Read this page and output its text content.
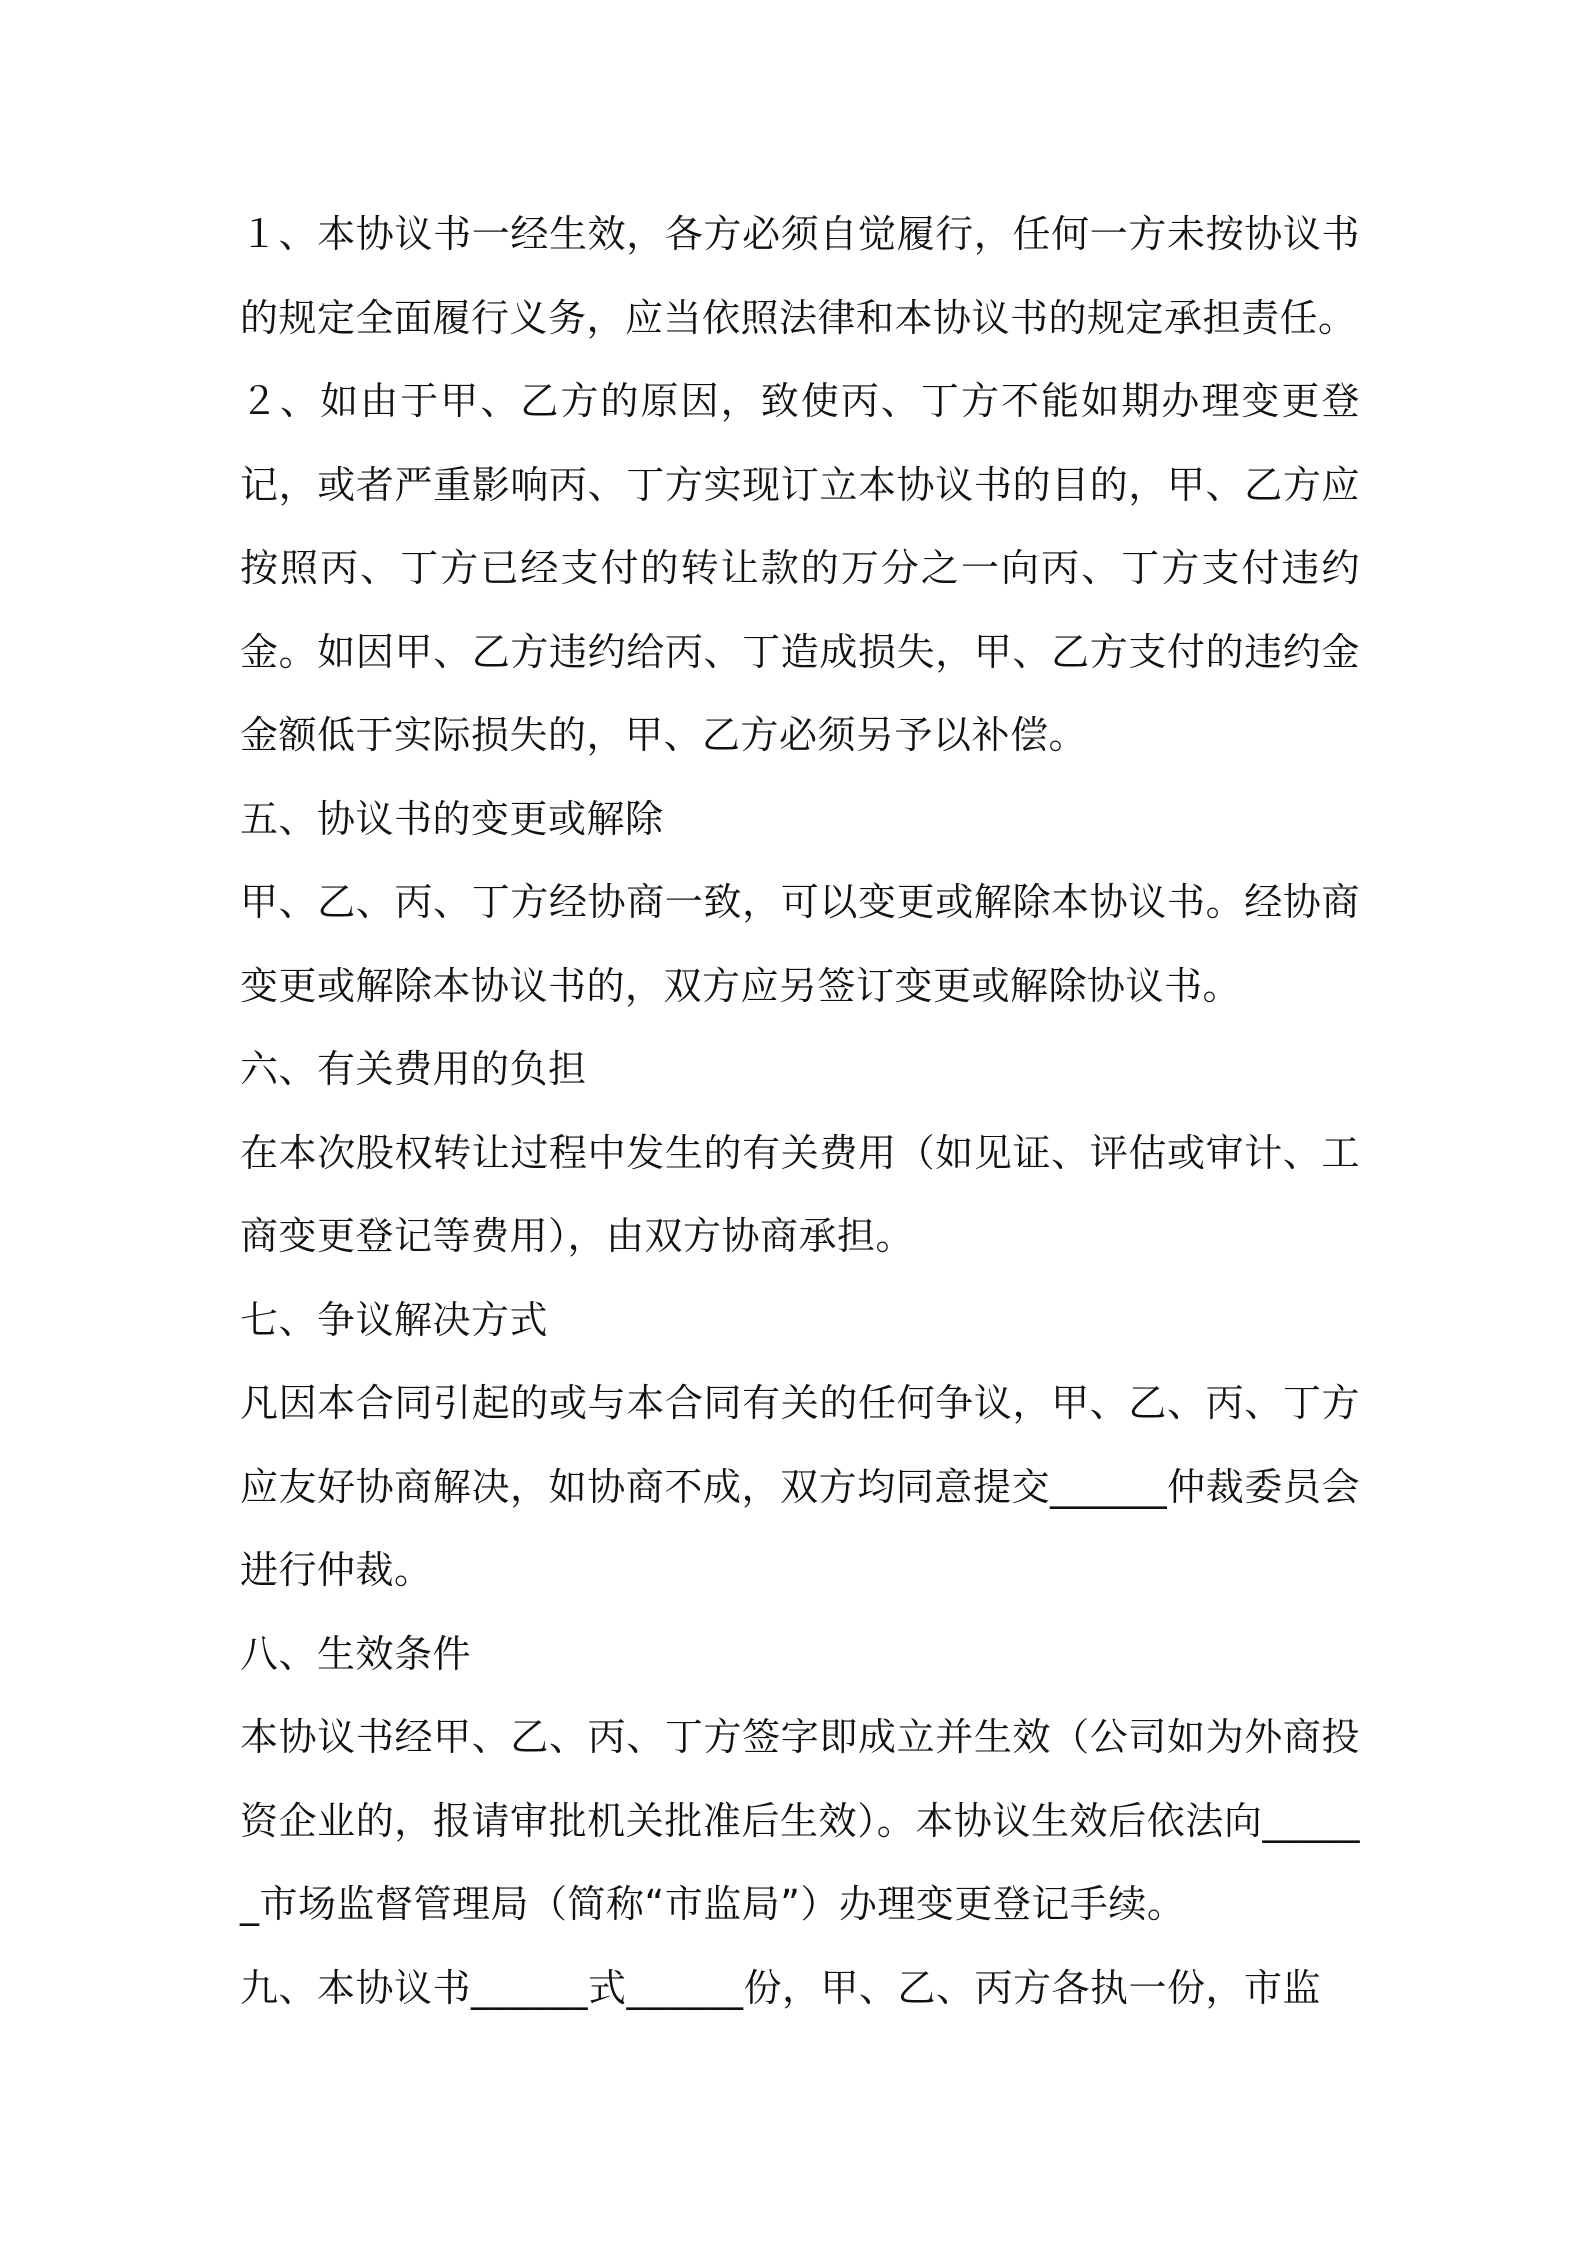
１、本协议书一经生效，各方必须自觉履行，任何一方未按协议书的规定全面履行义务，应当依照法律和本协议书的规定承担责任。

２、如由于甲、乙方的原因，致使丙、丁方不能如期办理变更登记，或者严重影响丙、丁方实现订立本协议书的目的，甲、乙方应按照丙、丁方已经支付的转让款的万分之一向丙、丁方支付违约金。如因甲、乙方违约给丙、丁造成损失，甲、乙方支付的违约金金额低于实际损失的，甲、乙方必须另予以补偿。

五、协议书的变更或解除

甲、乙、丙、丁方经协商一致，可以变更或解除本协议书。经协商变更或解除本协议书的，双方应另签订变更或解除协议书。

六、有关费用的负担

在本次股权转让过程中发生的有关费用（如见证、评估或审计、工商变更登记等费用），由双方协商承担。

七、争议解决方式

凡因本合同引起的或与本合同有关的任何争议，甲、乙、丙、丁方应友好协商解决，如协商不成，双方均同意提交______仲裁委员会进行仲裁。

八、生效条件

本协议书经甲、乙、丙、丁方签字即成立并生效（公司如为外商投资企业的，报请审批机关批准后生效）。本协议生效后依法向______市场监督管理局（简称“市监局”）办理变更登记手续。

九、本协议书______式______份，甲、乙、丙方各执一份，市监
